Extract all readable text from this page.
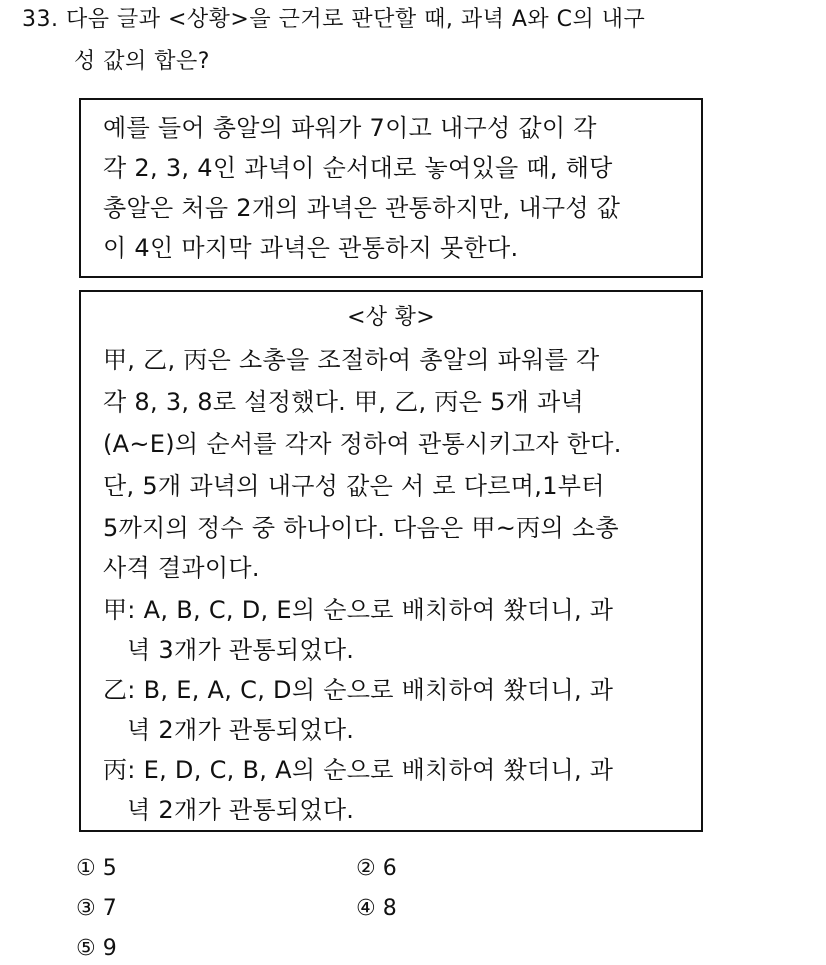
33. 다음 글과 <상황>을 근거로 판단할 때, 과녁 A와 C의 내구
성 값의 합은?
예를 들어 총알의 파워가 7이고 내구성 값이 각
각 2, 3, 4인 과녁이 순서대로 놓여있을 때, 해당
총알은 처음 2개의 과녁은 관통하지만, 내구성 값
이 4인 마지막 과녁은 관통하지 못한다.
<상 황>
甲, 乙, 丙은 소총을 조절하여 총알의 파워를 각
각 8, 3, 8로 설정했다. 甲, 乙, 丙은 5개 과녁
(A~E)의 순서를 각자 정하여 관통시키고자 한다.
단, 5개 과녁의 내구성 값은 서 로 다르며,1부터
5까지의 정수 중 하나이다. 다음은 甲~丙의 소총
사격 결과이다.
甲: A, B, C, D, E의 순으로 배치하여 쐈더니, 과
녁 3개가 관통되었다.
乙: B, E, A, C, D의 순으로 배치하여 쐈더니, 과
녁 2개가 관통되었다.
丙: E, D, C, B, A의 순으로 배치하여 쐈더니, 과
녁 2개가 관통되었다.
① 5	② 6
③ 7	④ 8
⑤ 9
